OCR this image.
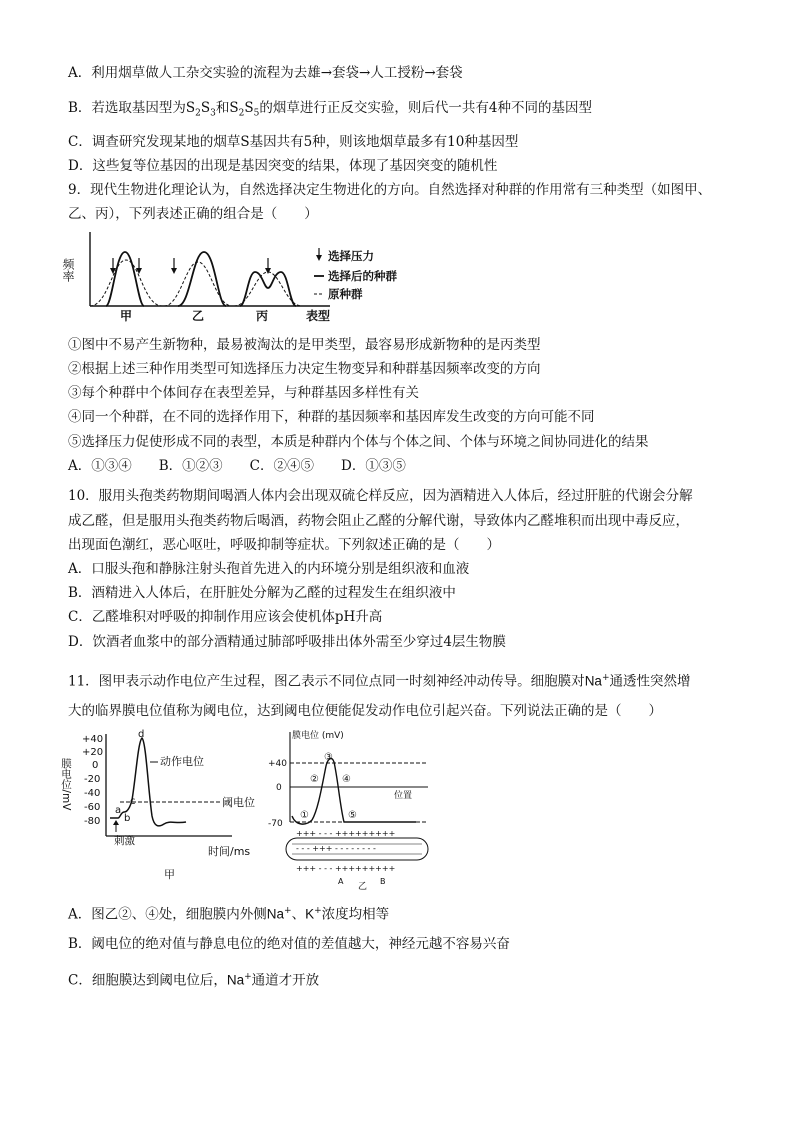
A．利用烟草做人工杂交实验的流程为去雄→套袋→人工授粉→套袋
B．若选取基因型为$S_2S_3$和$S_2S_5$的烟草进行正反交实验，则后代一共有4种不同的基因型
C．调查研究发现某地的烟草S基因共有5种，则该地烟草最多有10种基因型
D．这些复等位基因的出现是基因突变的结果，体现了基因突变的随机性
9．现代生物进化理论认为，自然选择决定生物进化的方向。自然选择对种群的作用常有三种类型（如图甲、
乙、丙），下列表述正确的组合是（　　）
频率
甲	乙	丙	表型
选择压力
选择后的种群
原种群
①图中不易产生新物种，最易被淘汰的是甲类型，最容易形成新物种的是丙类型
②根据上述三种作用类型可知选择压力决定生物变异和种群基因频率改变的方向
③每个种群中个体间存在表型差异，与种群基因多样性有关
④同一个种群，在不同的选择作用下，种群的基因频率和基因库发生改变的方向可能不同
⑤选择压力促使形成不同的表型，本质是种群内个体与个体之间、个体与环境之间协同进化的结果
A．①③④　　B．①②③　　C．②④⑤　　D．①③⑤
10．服用头孢类药物期间喝酒人体内会出现双硫仑样反应，因为酒精进入人体后，经过肝脏的代谢会分解
成乙醛，但是服用头孢类药物后喝酒，药物会阻止乙醛的分解代谢，导致体内乙醛堆积而出现中毒反应，
出现面色潮红，恶心呕吐，呼吸抑制等症状。下列叙述正确的是（　　）
A．口服头孢和静脉注射头孢首先进入的内环境分别是组织液和血液
B．酒精进入人体后，在肝脏处分解为乙醛的过程发生在组织液中
C．乙醛堆积对呼吸的抑制作用应该会使机体pH升高
D．饮酒者血浆中的部分酒精通过肺部呼吸排出体外需至少穿过4层生物膜
11．图甲表示动作电位产生过程，图乙表示不同位点同一时刻神经冲动传导。细胞膜对Na+通透性突然增
大的临界膜电位值称为阈电位，达到阈电位便能促发动作电位引起兴奋。下列说法正确的是（　　）
膜电位/mV
+40
+20
0
-20
-40
-60
-80
a
b
c
d
动作电位
阈电位
刺激
时间/ms
甲
膜电位 (mV)
+40
0
-70
位置
①
②
③
④
⑤
+++ - - - +++++++++
- - - +++ - - - - - - - -
+++ - - - +++++++++
A	B
乙
A．图乙②、④处，细胞膜内外侧Na+、K+浓度均相等
B．阈电位的绝对值与静息电位的绝对值的差值越大，神经元越不容易兴奋
C．细胞膜达到阈电位后，Na+通道才开放
